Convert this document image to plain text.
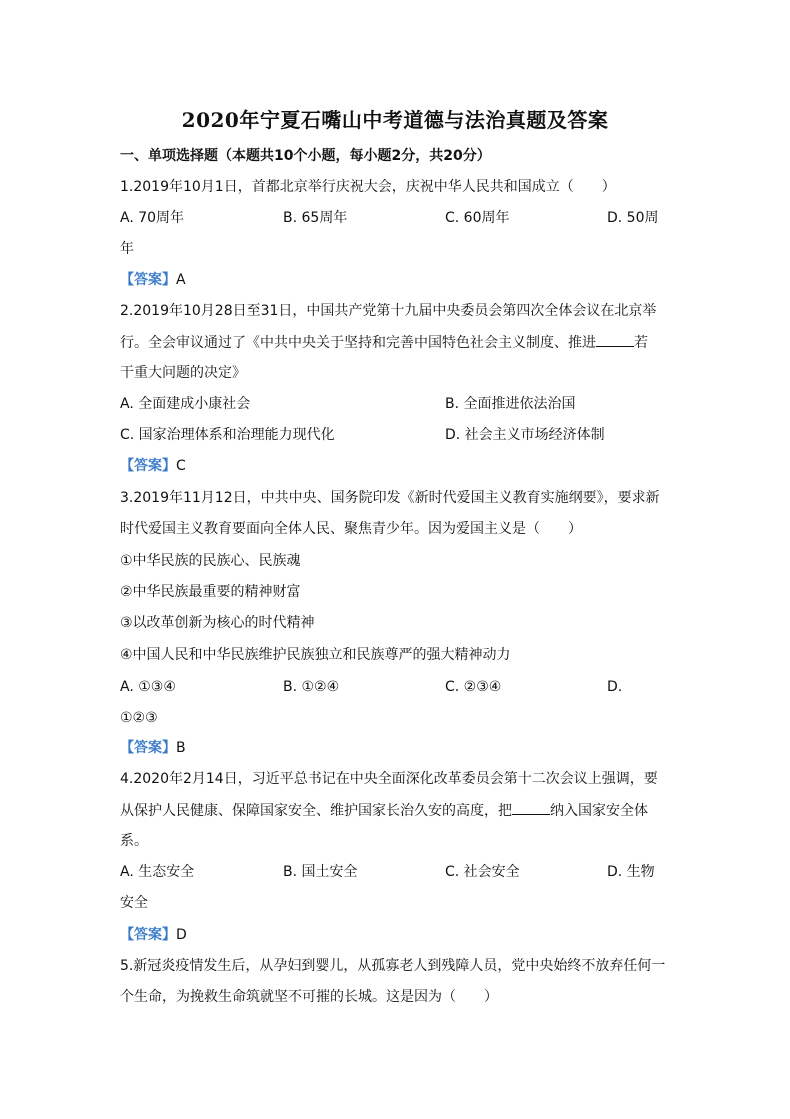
2020年宁夏石嘴山中考道德与法治真题及答案
一、单项选择题（本题共10个小题，每小题2分，共20分）
1.2019年10月1日，首都北京举行庆祝大会，庆祝中华人民共和国成立（　　）
A. 70周年	B. 65周年	C. 60周年	D. 50周
年
【答案】A
2.2019年10月28日至31日，中国共产党第十九届中央委员会第四次全体会议在北京举
行。全会审议通过了《中共中央关于坚持和完善中国特色社会主义制度、推进	若
干重大问题的决定》
A. 全面建成小康社会	B. 全面推进依法治国
C. 国家治理体系和治理能力现代化	D. 社会主义市场经济体制
【答案】C
3.2019年11月12日，中共中央、国务院印发《新时代爱国主义教育实施纲要》，要求新
时代爱国主义教育要面向全体人民、聚焦青少年。因为爱国主义是（　　）
①中华民族的民族心、民族魂
②中华民族最重要的精神财富
③以改革创新为核心的时代精神
④中国人民和中华民族维护民族独立和民族尊严的强大精神动力
A. ①③④	B. ①②④	C. ②③④	D.
①②③
【答案】B
4.2020年2月14日，习近平总书记在中央全面深化改革委员会第十二次会议上强调，要
从保护人民健康、保障国家安全、维护国家长治久安的高度，把	纳入国家安全体
系。
A. 生态安全	B. 国土安全	C. 社会安全	D. 生物
安全
【答案】D
5.新冠炎疫情发生后，从孕妇到婴儿，从孤寡老人到残障人员，党中央始终不放弃任何一
个生命，为挽救生命筑就坚不可摧的长城。这是因为（　　）
